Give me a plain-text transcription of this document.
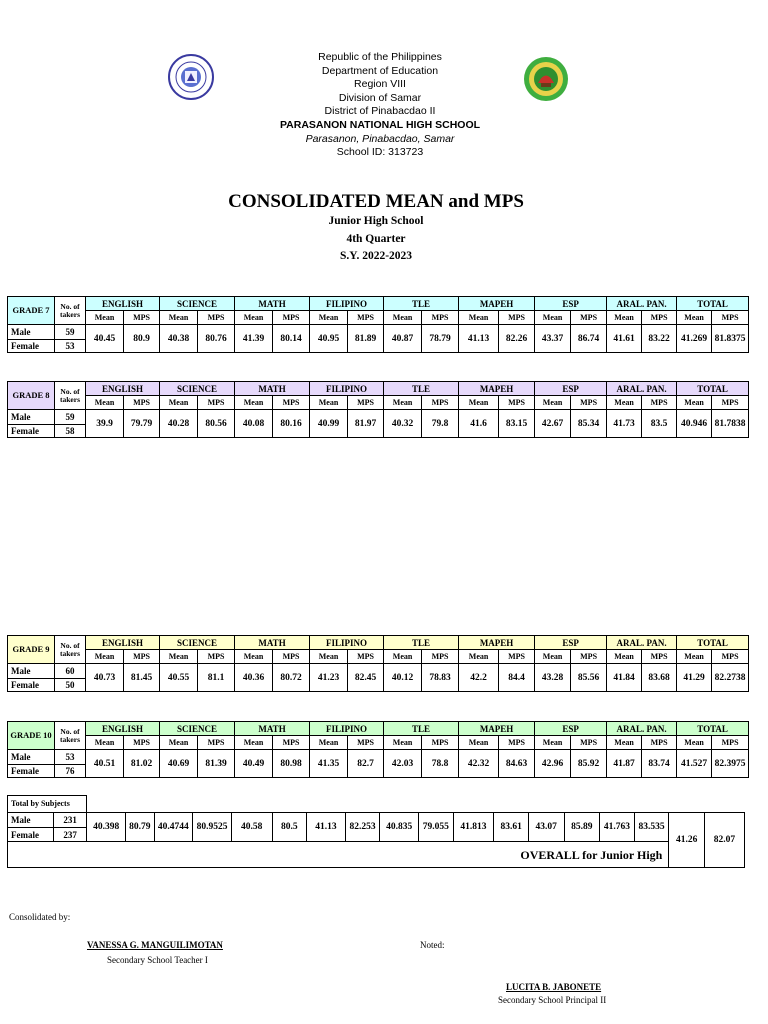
Republic of the Philippines
Department of Education
Region VIII
Division of Samar
District of Pinabacdao II
PARASANON NATIONAL HIGH SCHOOL
Parasanon, Pinabacdao, Samar
School ID: 313723
CONSOLIDATED MEAN and MPS
Junior High School
4th Quarter
S.Y. 2022-2023
GRADE 7	No. of takers	ENGLISH		SCIENCE		MATH		FILIPINO		TLE		MAPEH		ESP		ARAL. PAN.		TOTAL	
		Mean	MPS	Mean	MPS	Mean	MPS	Mean	MPS	Mean	MPS	Mean	MPS	Mean	MPS	Mean	MPS	Mean	MPS
Male	59	40.45	80.9	40.38	80.76	41.39	80.14	40.95	81.89	40.87	78.79	41.13	82.26	43.37	86.74	41.61	83.22	41.269	81.8375
Female	53																		
GRADE 8	No. of takers	ENGLISH		SCIENCE		MATH		FILIPINO		TLE		MAPEH		ESP		ARAL. PAN.		TOTAL	
		Mean	MPS	Mean	MPS	Mean	MPS	Mean	MPS	Mean	MPS	Mean	MPS	Mean	MPS	Mean	MPS	Mean	MPS
Male	59	39.9	79.79	40.28	80.56	40.08	80.16	40.99	81.97	40.32	79.8	41.6	83.15	42.67	85.34	41.73	83.5	40.946	81.7838
Female	58																		
GRADE 9	No. of takers	ENGLISH		SCIENCE		MATH		FILIPINO		TLE		MAPEH		ESP		ARAL. PAN.		TOTAL	
		Mean	MPS	Mean	MPS	Mean	MPS	Mean	MPS	Mean	MPS	Mean	MPS	Mean	MPS	Mean	MPS	Mean	MPS
Male	60	40.73	81.45	40.55	81.1	40.36	80.72	41.23	82.45	40.12	78.83	42.2	84.4	43.28	85.56	41.84	83.68	41.29	82.2738
Female	50																		
GRADE 10	No. of takers	ENGLISH		SCIENCE		MATH		FILIPINO		TLE		MAPEH		ESP		ARAL. PAN.		TOTAL	
		Mean	MPS	Mean	MPS	Mean	MPS	Mean	MPS	Mean	MPS	Mean	MPS	Mean	MPS	Mean	MPS	Mean	MPS
Male	53	40.51	81.02	40.69	81.39	40.49	80.98	41.35	82.7	42.03	78.8	42.32	84.63	42.96	85.92	41.87	83.74	41.527	82.3975
Female	76																		
Total by Subjects																			
Male	231	40.398	80.79	40.4744	80.9525	40.58	80.5	41.13	82.253	40.835	79.055	41.813	83.61	43.07	85.89	41.763	83.535	41.26	82.07
Female	237																		
OVERALL for Junior High																			
Consolidated by:
VANESSA G. MANGUILIMOTAN
Secondary School Teacher I
Noted:
LUCITA B. JABONETE
Secondary School Principal II
